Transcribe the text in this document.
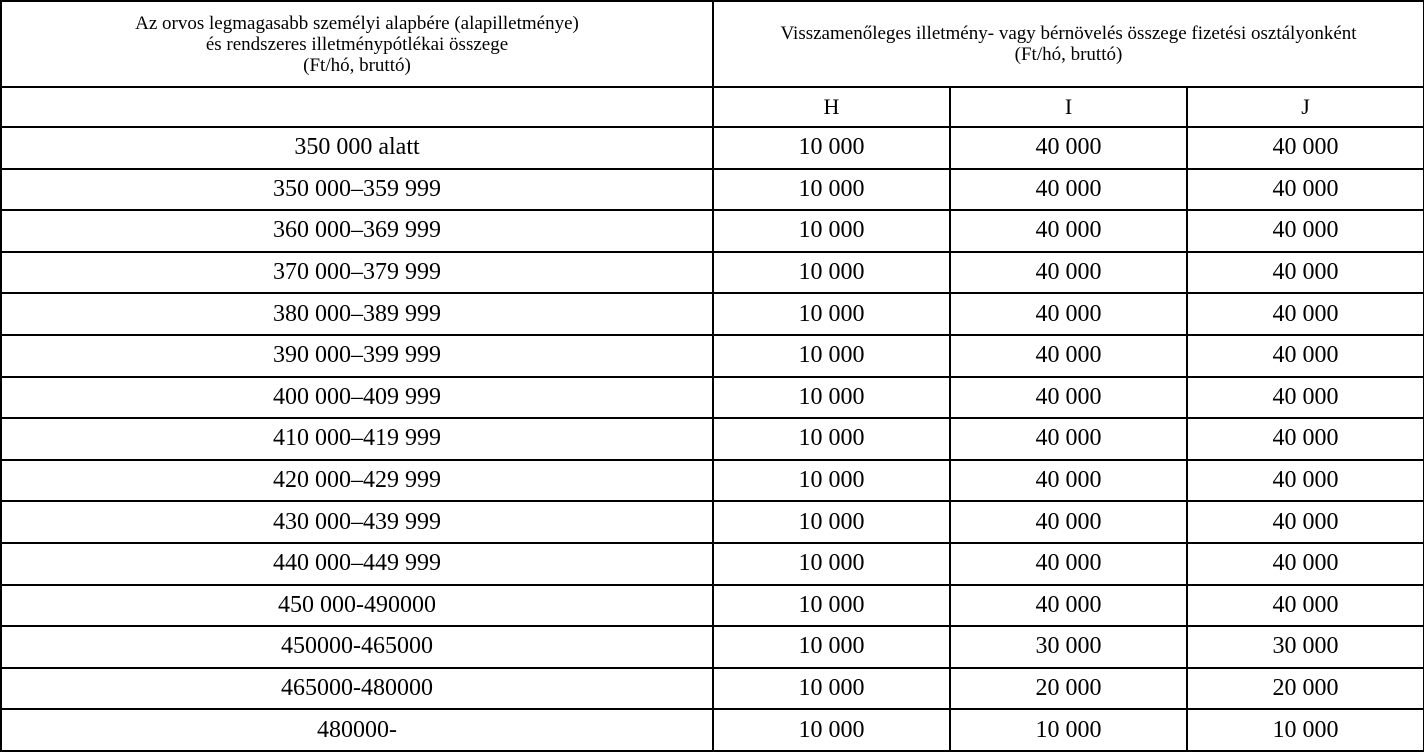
Az orvos legmagasabb személyi alapbére (alapilletménye)
és rendszeres illetménypótlékai összege
(Ft/hó, bruttó)	Visszamenőleges illetmény- vagy bérnövelés összege fizetési osztályonként
(Ft/hó, bruttó)		

	H	I	J
350 000 alatt	10 000	40 000	40 000
350 000–359 999	10 000	40 000	40 000
360 000–369 999	10 000	40 000	40 000
370 000–379 999	10 000	40 000	40 000
380 000–389 999	10 000	40 000	40 000
390 000–399 999	10 000	40 000	40 000
400 000–409 999	10 000	40 000	40 000
410 000–419 999	10 000	40 000	40 000
420 000–429 999	10 000	40 000	40 000
430 000–439 999	10 000	40 000	40 000
440 000–449 999	10 000	40 000	40 000
450 000-490000	10 000	40 000	40 000
450000-465000	10 000	30 000	30 000
465000-480000	10 000	20 000	20 000
480000-	10 000	10 000	10 000
